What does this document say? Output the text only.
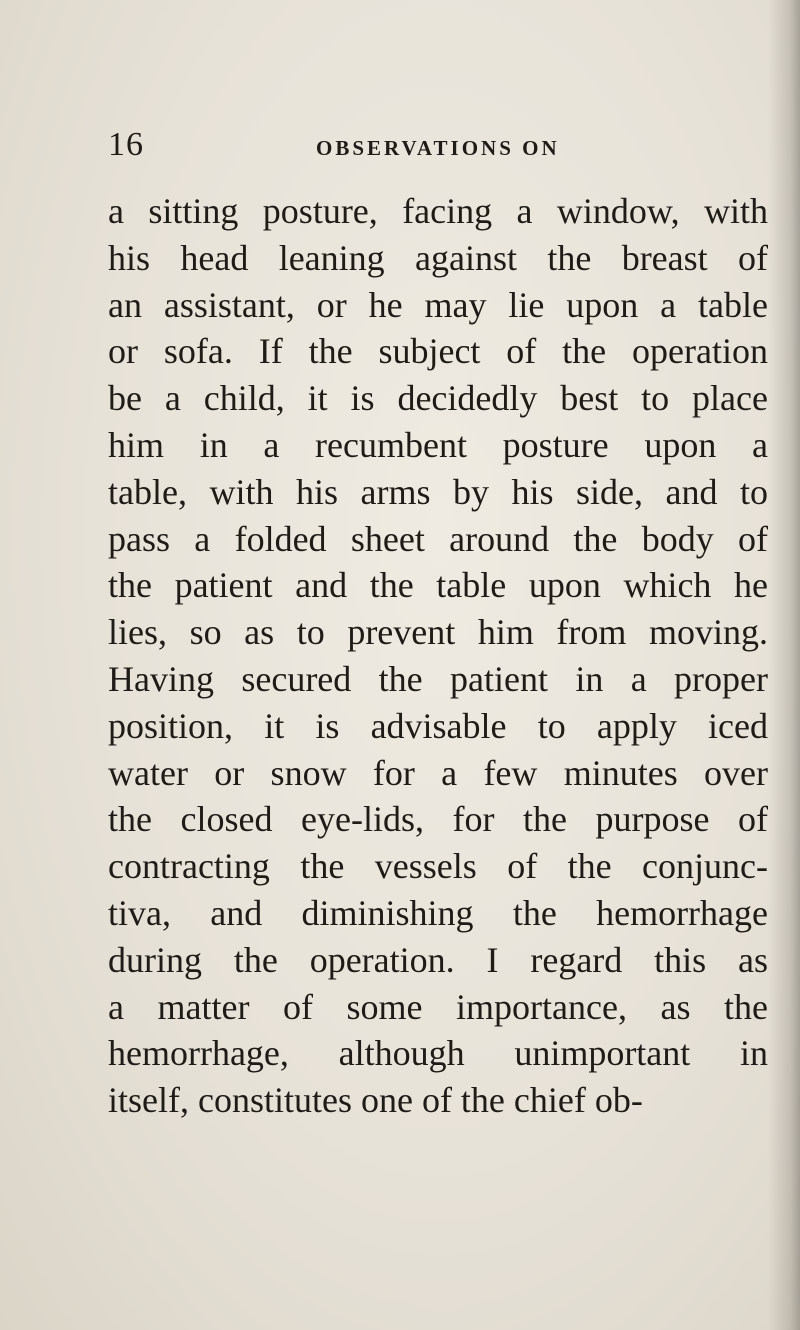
16	OBSERVATIONS ON
a sitting posture, facing a window, with
his head leaning against the breast of
an assistant, or he may lie upon a table
or sofa. If the subject of the operation
be a child, it is decidedly best to place
him in a recumbent posture upon a
table, with his arms by his side, and to
pass a folded sheet around the body of
the patient and the table upon which he
lies, so as to prevent him from moving.
Having secured the patient in a proper
position, it is advisable to apply iced
water or snow for a few minutes over
the closed eye-lids, for the purpose of
contracting the vessels of the conjunc-
tiva, and diminishing the hemorrhage
during the operation. I regard this as
a matter of some importance, as the
hemorrhage, although unimportant in
itself, constitutes one of the chief ob-
